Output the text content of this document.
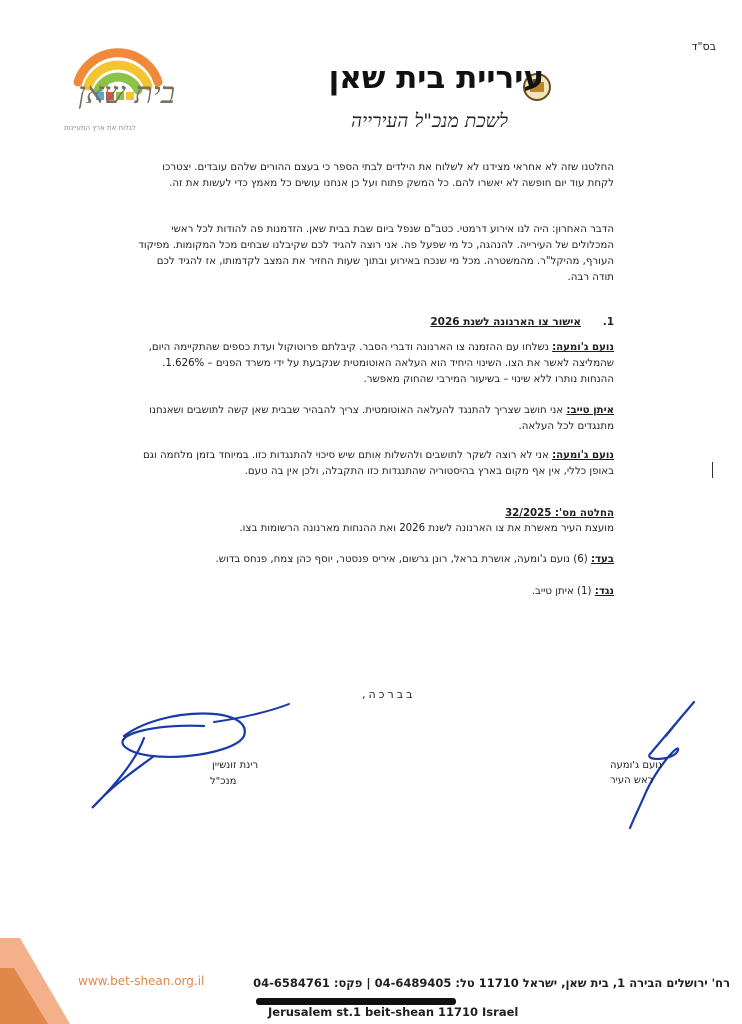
בס"ד
בית שאן
לגלות את ארץ המעיינות
עיריית בית שאן
לשכת מנכ"ל העירייה
החלטנו שזה לא אחראי מצידנו לא לשלוח את הילדים לבתי הספר כי בעצם ההורים שלהם עובדים. יצטרכו לקחת עוד יום חופשה לא יאשרו להם. כל המשק פתוח ועל כן אנחנו עושים כל מאמץ כדי לעשות את זה.
הדבר האחרון: היה לנו אירוע דרמטי. כטב"ם שנפל ביום שבת בבית שאן. הזדמנות פה להודות לכל ראשי המכלולים של העירייה. להנהגה, כל מי שפעל פה. אני רוצה להגיד לכם שקיבלנו שבחים מכל המקומות. מפיקוד העורף, מהיקל"ר. מהמשטרה. מכל מי שנכח באירוע ובתוך שעות החזיר את המצב לקדמותו, אז להגיד לכם תודה רבה.
1. אישור צו הארנונה לשנת 2026
נועם ג'ומעה: נשלחו עם ההזמנה צו הארנונה ודברי הסבר. קיבלתם פרוטוקול ועדת כספים שהתקיימה היום, שהמליצה לאשר את הצו. השינוי היחיד הוא העלאה האוטומטית שנקבעת על ידי משרד הפנים – 1.626%. ההנחות נותרו ללא שינוי – בשיעור המירבי שהחוק מאפשר.
איתן טייב: אני חושב שצריך להתנגד להעלאה האוטומטית. צריך להבהיר שבבית שאן קשה לתושבים ושאנחנו מתנגדים לכל העלאה.
נועם ג'ומעה: אני לא רוצה לשקר לתושבים ולהשלות אותם שיש סיכוי להתנגדות כזו. במיוחד בזמן מלחמה וגם באופן כללי, אין אף מקום בארץ בהיסטוריה שהתנגדות כזו התקבלה, ולכן אין בה טעם.
החלטה מס': 32/2025
מועצת העיר מאשרת את צו הארנונה לשנת 2026 ואת ההנחות מארנונה הרשומות בצו.
בעד: (6) נועם ג'ומעה, אושרת בראל, רונן גרשום, איריס פנסטר, יוסף כהן צמח, פנחס בדוש.
נגד: (1) איתן טייב.
בברכה,
רינת זונשיין
מנכ"ל
נועם ג'ומעה
ראש העיר
www.bet-shean.org.il	רח' ירושלים הבירה 1, בית שאן, ישראל 11710 טל: 04-6489405 | פקס: 04-6584761
Jerusalem st.1 beit-shean 11710 Israel
